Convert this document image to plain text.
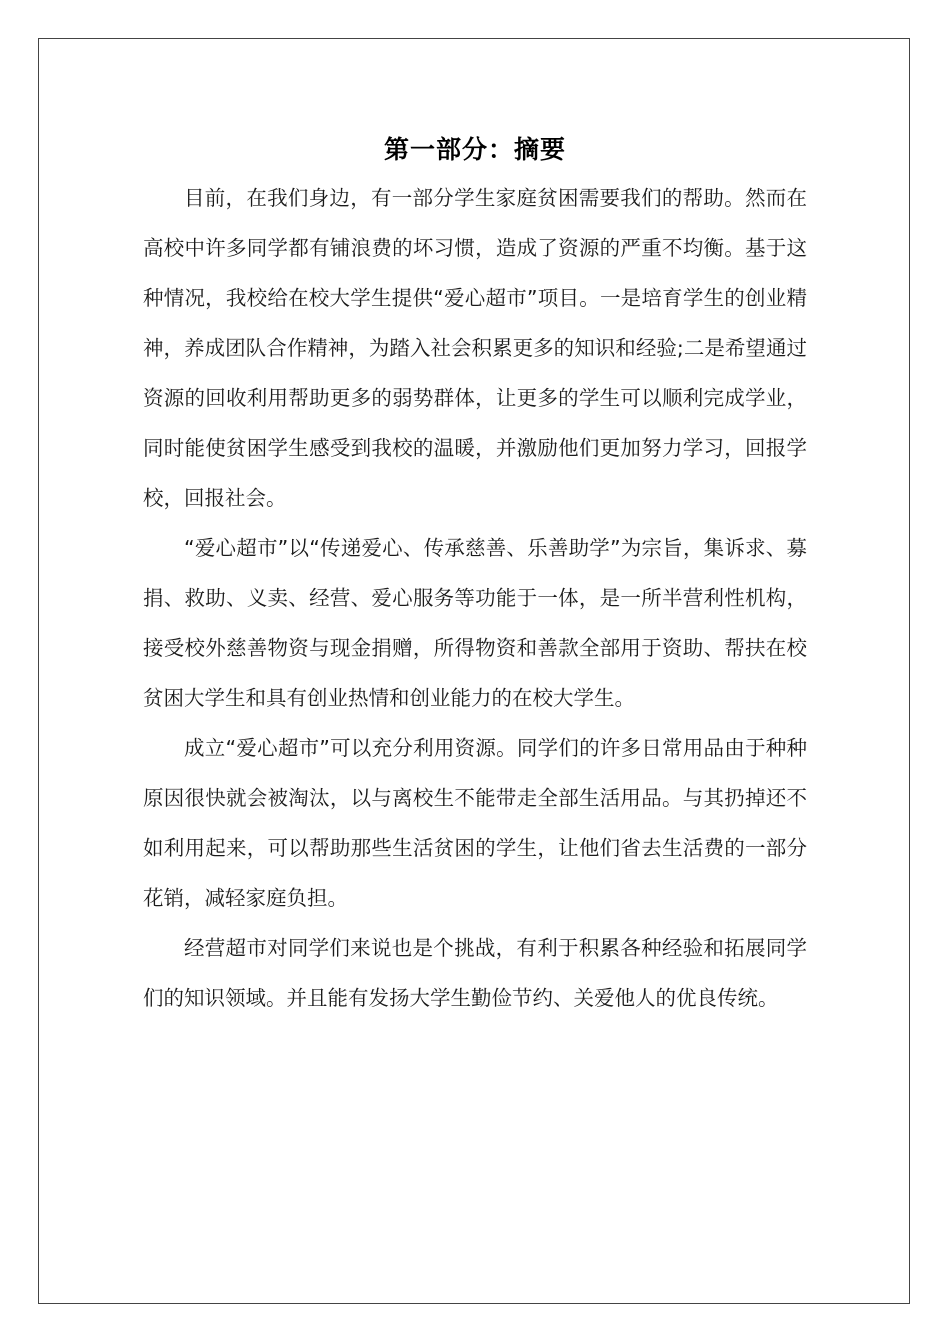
第一部分：摘要

目前，在我们身边，有一部分学生家庭贫困需要我们的帮助。然而在高校中许多同学都有铺浪费的坏习惯，造成了资源的严重不均衡。基于这种情况，我校给在校大学生提供“爱心超市”项目。一是培育学生的创业精神，养成团队合作精神，为踏入社会积累更多的知识和经验;二是希望通过资源的回收利用帮助更多的弱势群体，让更多的学生可以顺利完成学业，同时能使贫困学生感受到我校的温暖，并激励他们更加努力学习，回报学校，回报社会。

“爱心超市”以“传递爱心、传承慈善、乐善助学”为宗旨，集诉求、募捐、救助、义卖、经营、爱心服务等功能于一体，是一所半营利性机构，接受校外慈善物资与现金捐赠，所得物资和善款全部用于资助、帮扶在校贫困大学生和具有创业热情和创业能力的在校大学生。

成立“爱心超市”可以充分利用资源。同学们的许多日常用品由于种种原因很快就会被淘汰，以与离校生不能带走全部生活用品。与其扔掉还不如利用起来，可以帮助那些生活贫困的学生，让他们省去生活费的一部分花销，减轻家庭负担。

经营超市对同学们来说也是个挑战，有利于积累各种经验和拓展同学们的知识领域。并且能有发扬大学生勤俭节约、关爱他人的优良传统。
